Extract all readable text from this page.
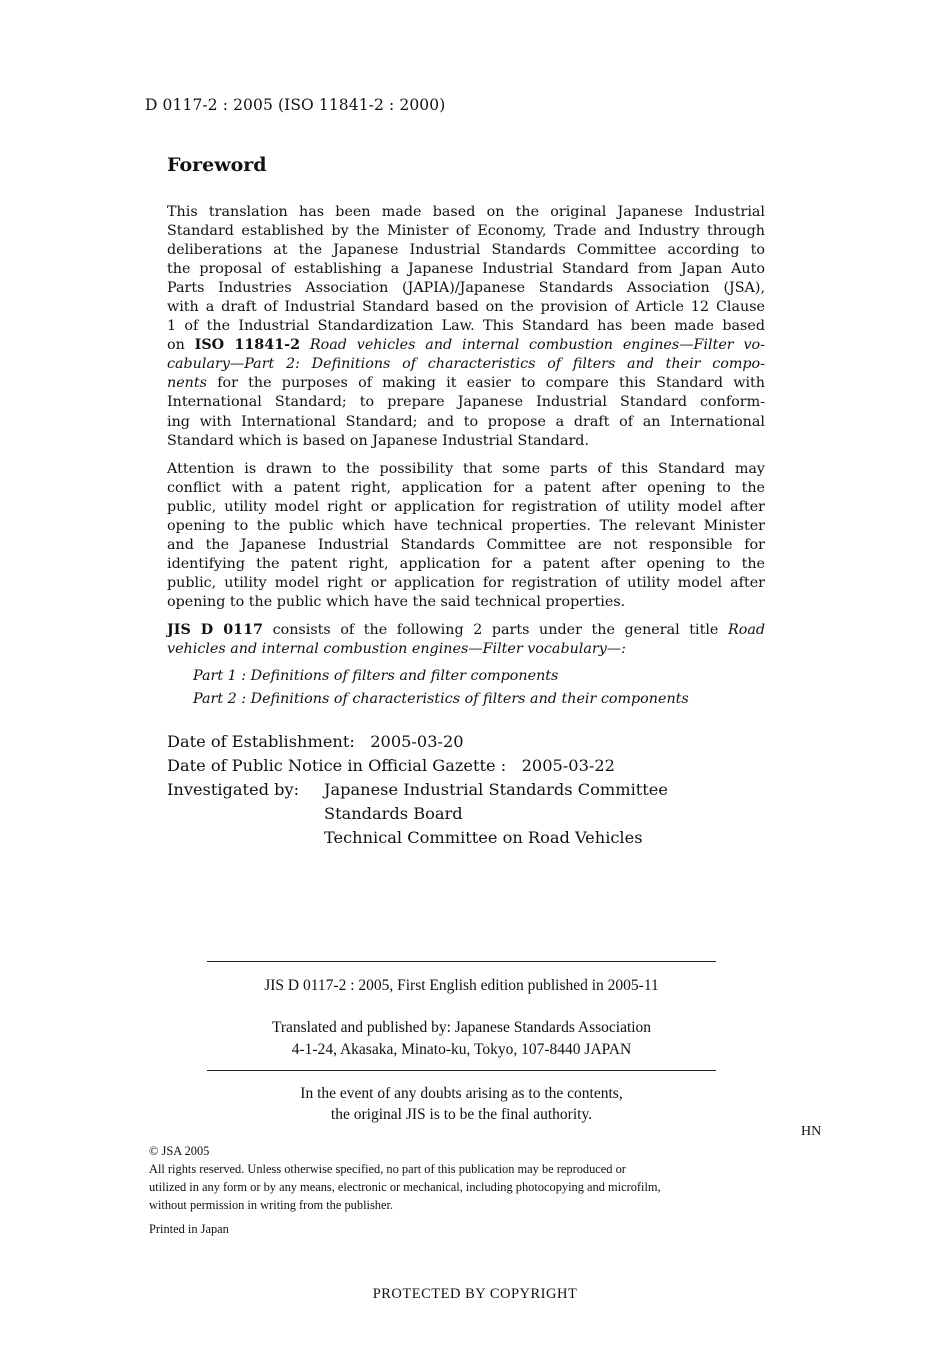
D 0117-2 : 2005 (ISO 11841-2 : 2000)
Foreword
This translation has been made based on the original Japanese Industrial
Standard established by the Minister of Economy, Trade and Industry through
deliberations at the Japanese Industrial Standards Committee according to
the proposal of establishing a Japanese Industrial Standard from Japan Auto
Parts Industries Association (JAPIA)/Japanese Standards Association (JSA),
with a draft of Industrial Standard based on the provision of Article 12 Clause
1 of the Industrial Standardization Law. This Standard has been made based
on ISO 11841-2 Road vehicles and internal combustion engines—Filter vo-
cabulary—Part 2: Definitions of characteristics of filters and their compo-
nents for the purposes of making it easier to compare this Standard with
International Standard; to prepare Japanese Industrial Standard conform-
ing with International Standard; and to propose a draft of an International
Standard which is based on Japanese Industrial Standard.
Attention is drawn to the possibility that some parts of this Standard may
conflict with a patent right, application for a patent after opening to the
public, utility model right or application for registration of utility model after
opening to the public which have technical properties. The relevant Minister
and the Japanese Industrial Standards Committee are not responsible for
identifying the patent right, application for a patent after opening to the
public, utility model right or application for registration of utility model after
opening to the public which have the said technical properties.
JIS D 0117 consists of the following 2 parts under the general title Road
vehicles and internal combustion engines—Filter vocabulary—:
Part 1 : Definitions of filters and filter components
Part 2 : Definitions of characteristics of filters and their components
Date of Establishment: 2005-03-20
Date of Public Notice in Official Gazette : 2005-03-22
Investigated by: Japanese Industrial Standards Committee
Standards Board
Technical Committee on Road Vehicles
JIS D 0117-2 : 2005, First English edition published in 2005-11
Translated and published by: Japanese Standards Association
4-1-24, Akasaka, Minato-ku, Tokyo, 107-8440 JAPAN
In the event of any doubts arising as to the contents,
the original JIS is to be the final authority.
HN
© JSA 2005
All rights reserved. Unless otherwise specified, no part of this publication may be reproduced or
utilized in any form or by any means, electronic or mechanical, including photocopying and microfilm,
without permission in writing from the publisher.
Printed in Japan
PROTECTED BY COPYRIGHT
